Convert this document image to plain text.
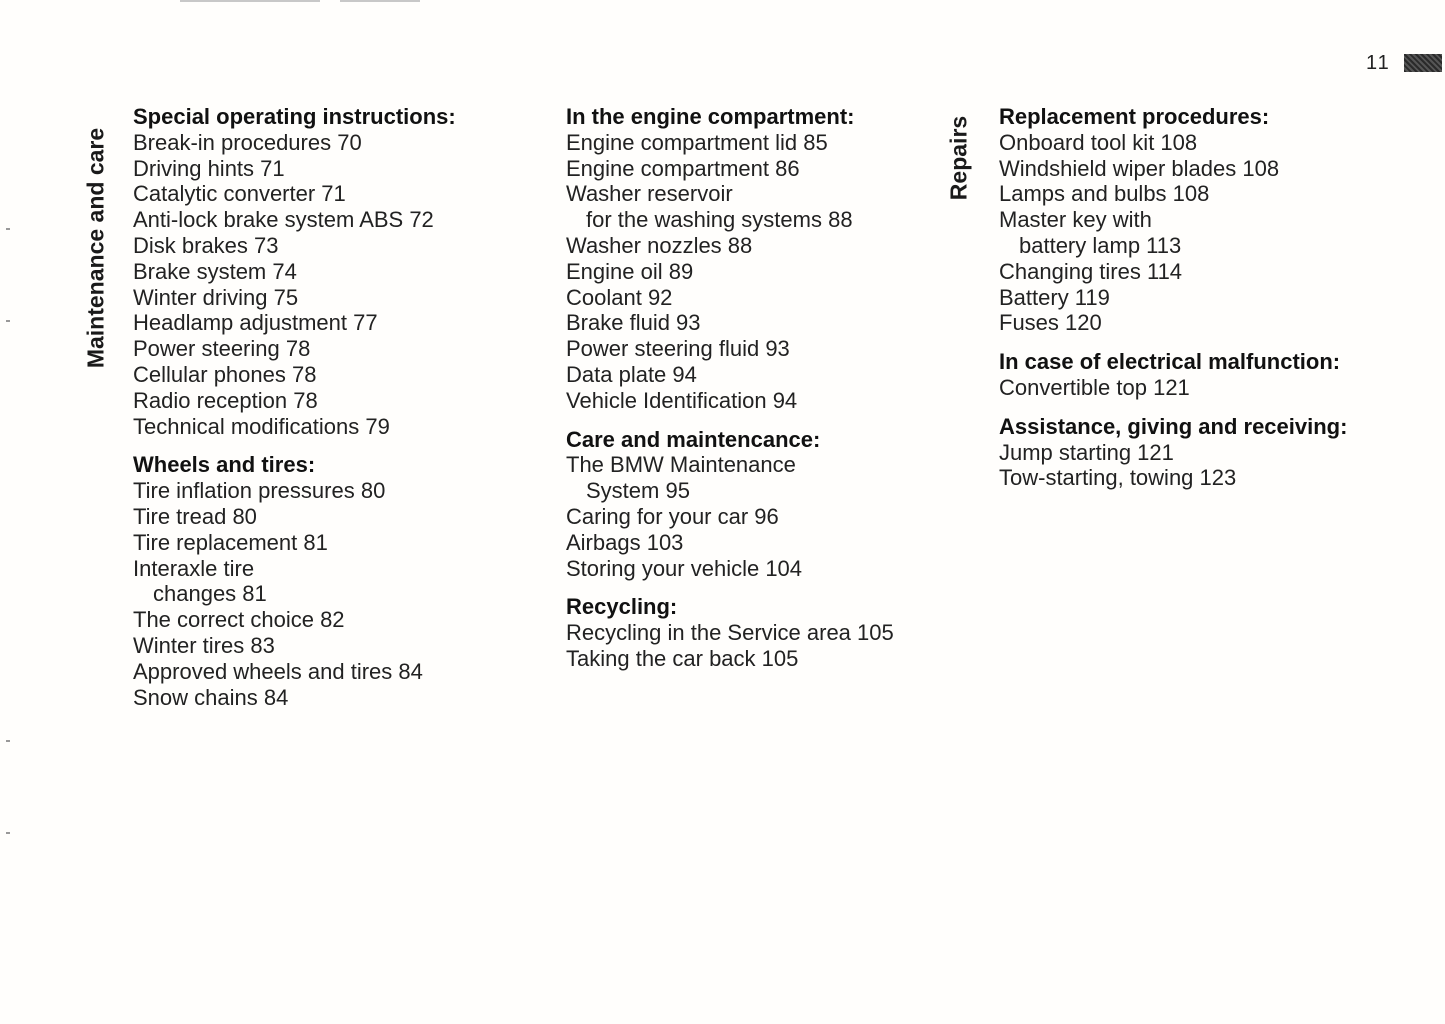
11
Maintenance and care	Repairs
Special operating instructions:
Break-in procedures 70
Driving hints 71
Catalytic converter 71
Anti-lock brake system ABS 72
Disk brakes 73
Brake system 74
Winter driving 75
Headlamp adjustment 77
Power steering 78
Cellular phones 78
Radio reception 78
Technical modifications 79
Wheels and tires:
Tire inflation pressures 80
Tire tread 80
Tire replacement 81
Interaxle tire
changes 81
The correct choice 82
Winter tires 83
Approved wheels and tires 84
Snow chains 84
In the engine compartment:
Engine compartment lid 85
Engine compartment 86
Washer reservoir
for the washing systems 88
Washer nozzles 88
Engine oil 89
Coolant 92
Brake fluid 93
Power steering fluid 93
Data plate 94
Vehicle Identification 94
Care and maintencance:
The BMW Maintenance
System 95
Caring for your car 96
Airbags 103
Storing your vehicle 104
Recycling:
Recycling in the Service area 105
Taking the car back 105
Replacement procedures:
Onboard tool kit 108
Windshield wiper blades 108
Lamps and bulbs 108
Master key with
battery lamp 113
Changing tires 114
Battery 119
Fuses 120
In case of electrical malfunction:
Convertible top 121
Assistance, giving and receiving:
Jump starting 121
Tow-starting, towing 123
